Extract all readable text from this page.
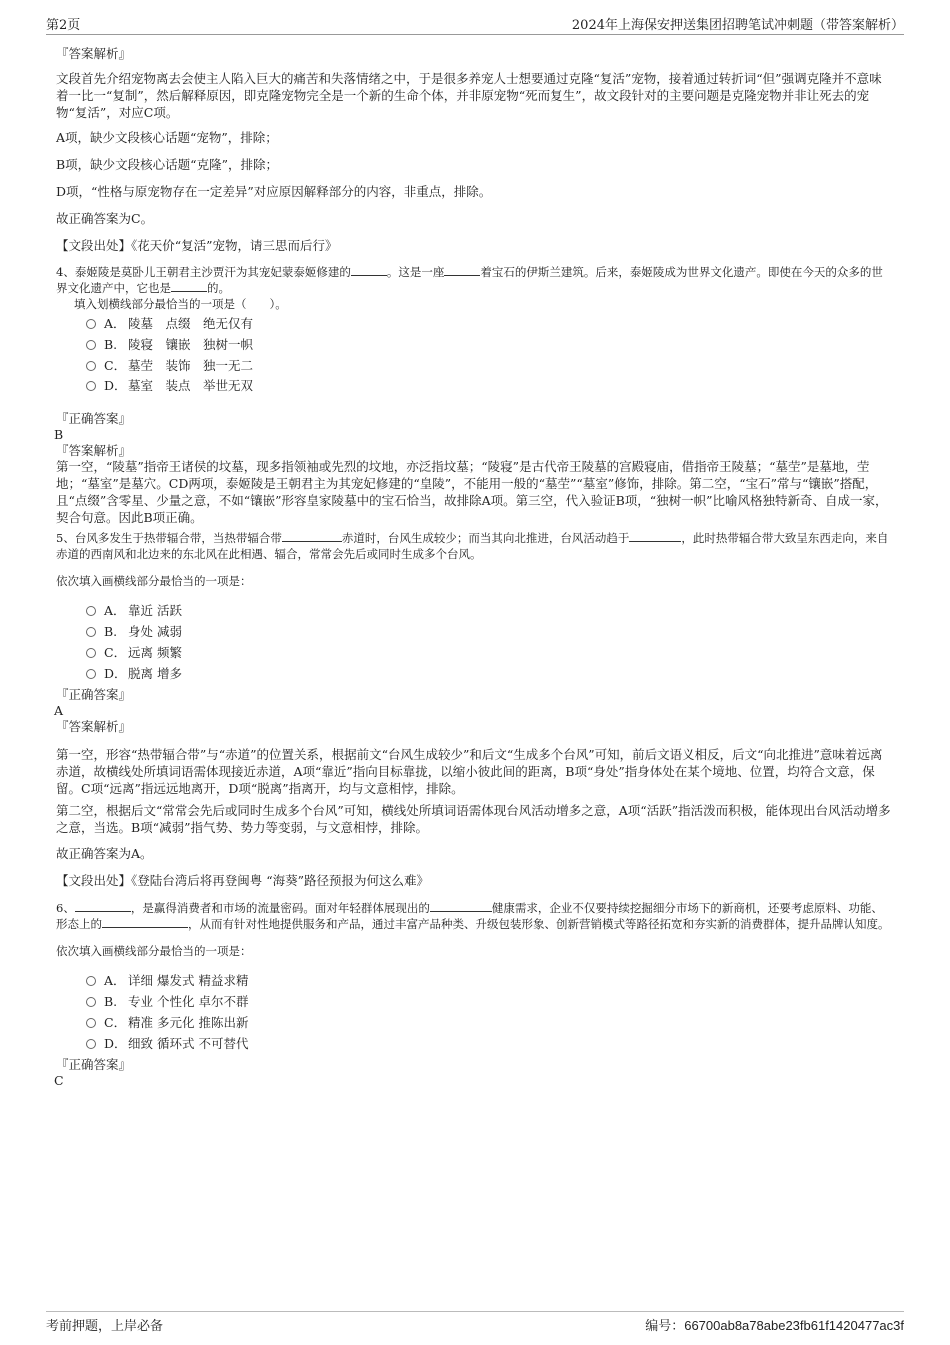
第2页	2024年上海保安押送集团招聘笔试冲刺题（带答案解析）
『答案解析』
文段首先介绍宠物离去会使主人陷入巨大的痛苦和失落情绪之中，于是很多养宠人士想要通过克隆“复活”宠物，接着通过转折词“但”强调克隆并不意味着一比一“复制”，然后解释原因，即克隆宠物完全是一个新的生命个体，并非原宠物“死而复生”，故文段针对的主要问题是克隆宠物并非让死去的宠物“复活”，对应C项。
A项，缺少文段核心话题“宠物”，排除；
B项，缺少文段核心话题“克隆”，排除；
D项，“性格与原宠物存在一定差异”对应原因解释部分的内容，非重点，排除。
故正确答案为C。
【文段出处】《花天价“复活”宠物，请三思而后行》
4、泰姬陵是莫卧儿王朝君主沙贾汗为其宠妃蒙泰姬修建的	。这是一座	着宝石的伊斯兰建筑。后来，泰姬陵成为世界文化遗产。即使在今天的众多的世界文化遗产中，它也是	的。
填入划横线部分最恰当的一项是（　　）。
A． 陵墓　点缀　绝无仅有
B. 陵寝　镶嵌　独树一帜
C． 墓茔　装饰　独一无二
D．墓室　装点　举世无双
『正确答案』
B
『答案解析』
第一空，“陵墓”指帝王诸侯的坟墓，现多指领袖或先烈的坟地，亦泛指坟墓；“陵寝”是古代帝王陵墓的宫殿寝庙，借指帝王陵墓；“墓茔”是墓地，茔地；“墓室”是墓穴。CD两项，泰姬陵是王朝君主为其宠妃修建的“皇陵”，不能用一般的“墓茔”“墓室”修饰，排除。第二空，“宝石”常与“镶嵌”搭配，且“点缀”含零星、少量之意，不如“镶嵌”形容皇家陵墓中的宝石恰当，故排除A项。第三空，代入验证B项，“独树一帜”比喻风格独特新奇、自成一家，契合句意。因此B项正确。
5、台风多发生于热带辐合带，当热带辐合带	赤道时，台风生成较少；而当其向北推进，台风活动趋于	，此时热带辐合带大致呈东西走向，来自赤道的西南风和北边来的东北风在此相遇、辐合，常常会先后或同时生成多个台风。
依次填入画横线部分最恰当的一项是：
A． 靠近 活跃
B. 身处 减弱
C． 远离 频繁
D．脱离 增多
『正确答案』
A
『答案解析』
第一空，形容“热带辐合带”与“赤道”的位置关系，根据前文“台风生成较少”和后文“生成多个台风”可知，前后文语义相反，后文“向北推进”意味着远离赤道，故横线处所填词语需体现接近赤道，A项“靠近”指向目标靠拢，以缩小彼此间的距离，B项“身处”指身体处在某个境地、位置，均符合文意，保留。C项“远离”指远远地离开，D项“脱离”指离开，均与文意相悖，排除。
第二空，根据后文“常常会先后或同时生成多个台风”可知，横线处所填词语需体现台风活动增多之意，A项“活跃”指活泼而积极，能体现出台风活动增多之意，当选。B项“减弱”指气势、势力等变弱，与文意相悖，排除。
故正确答案为A。
【文段出处】《登陆台湾后将再登闽粤 “海葵”路径预报为何这么难》
6、	，是赢得消费者和市场的流量密码。面对年轻群体展现出的	健康需求，企业不仅要持续挖掘细分市场下的新商机，还要考虑原料、功能、形态上的	，从而有针对性地提供服务和产品，通过丰富产品种类、升级包装形象、创新营销模式等路径拓宽和夯实新的消费群体，提升品牌认知度。
依次填入画横线部分最恰当的一项是：
A． 详细 爆发式 精益求精
B. 专业 个性化 卓尔不群
C． 精准 多元化 推陈出新
D．细致 循环式 不可替代
『正确答案』
C
考前押题，上岸必备	编号：66700ab8a78abe23fb61f1420477ac3f
